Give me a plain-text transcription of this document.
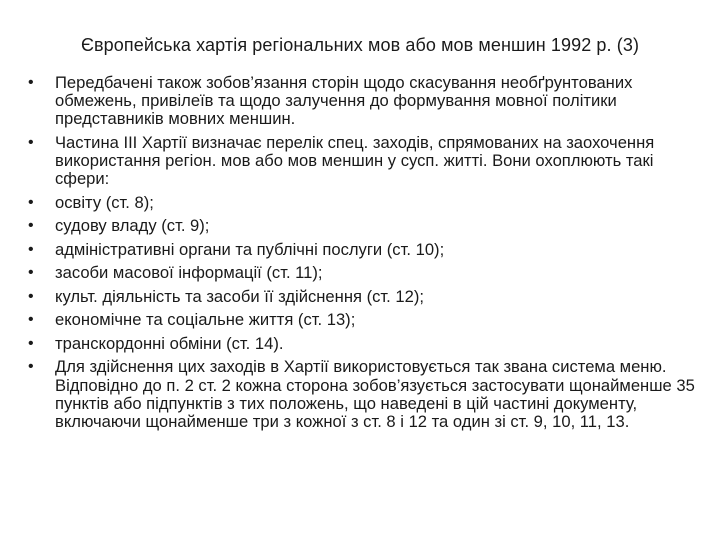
Європейська хартія регіональних мов або мов меншин 1992 р. (3)
•	Передбачені також зобов’язання сторін щодо скасування необґрунтованих обмежень, привілеїв та щодо залучення до формування мовної політики представників мовних меншин.
•	Частина ІІІ Хартії визначає перелік спец. заходів, спрямованих на заохочення використання регіон. мов або мов меншин у сусп. житті. Вони охоплюють такі сфери:
•	освіту (ст. 8);
•	судову владу (ст. 9);
•	адміністративні органи та публічні послуги (ст. 10);
•	засоби масової інформації (ст. 11);
•	культ. діяльність та засоби її здійснення (ст. 12);
•	економічне та соціальне життя (ст. 13);
•	транскордонні обміни (ст. 14).
•	Для здійснення цих заходів в Хартії використовується так звана система меню. Відповідно до п. 2 ст. 2 кожна сторона зобов’язується застосувати щонайменше 35 пунктів або підпунктів з тих положень, що наведені в цій частині документу, включаючи щонайменше три з кожної з ст. 8 і 12 та один зі ст. 9, 10, 11, 13.
